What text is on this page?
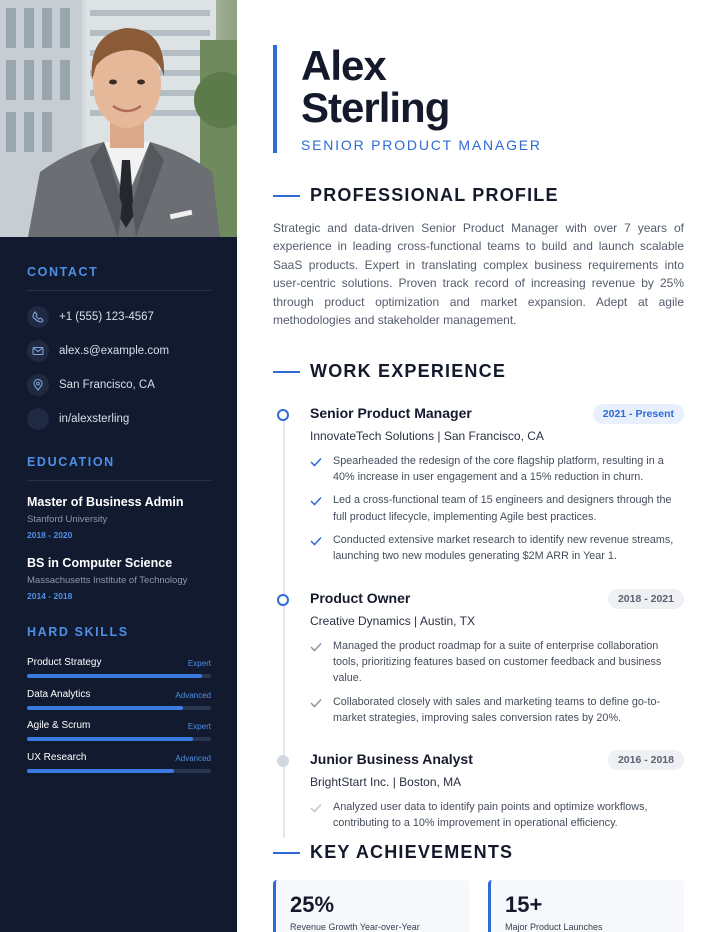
CONTACT
+1 (555) 123-4567
alex.s@example.com
San Francisco, CA
in/alexsterling
EDUCATION
Master of Business Admin
Stanford University
2018 - 2020
BS in Computer Science
Massachusetts Institute of Technology
2014 - 2018
HARD SKILLS
Product Strategy	Expert
Data Analytics	Advanced
Agile & Scrum	Expert
UX Research	Advanced
Alex
Sterling
SENIOR PRODUCT MANAGER
PROFESSIONAL PROFILE

Strategic and data-driven Senior Product Manager with over 7 years of experience in leading cross-functional teams to build and launch scalable SaaS products. Expert in translating complex business requirements into user-centric solutions. Proven track record of increasing revenue by 25% through product optimization and market expansion. Adept at agile methodologies and stakeholder management.

WORK EXPERIENCE
Senior Product Manager	2021 - Present
InnovateTech Solutions | San Francisco, CA
Spearheaded the redesign of the core flagship platform, resulting in a 40% increase in user engagement and a 15% reduction in churn.
Led a cross-functional team of 15 engineers and designers through the full product lifecycle, implementing Agile best practices.
Conducted extensive market research to identify new revenue streams, launching two new modules generating $2M ARR in Year 1.
Product Owner	2018 - 2021
Creative Dynamics | Austin, TX
Managed the product roadmap for a suite of enterprise collaboration tools, prioritizing features based on customer feedback and business value.
Collaborated closely with sales and marketing teams to define go-to-market strategies, improving sales conversion rates by 20%.
Junior Business Analyst	2016 - 2018
BrightStart Inc. | Boston, MA
Analyzed user data to identify pain points and optimize workflows, contributing to a 10% improvement in operational efficiency.
KEY ACHIEVEMENTS
25%
Revenue Growth Year-over-Year
15+
Major Product Launches
